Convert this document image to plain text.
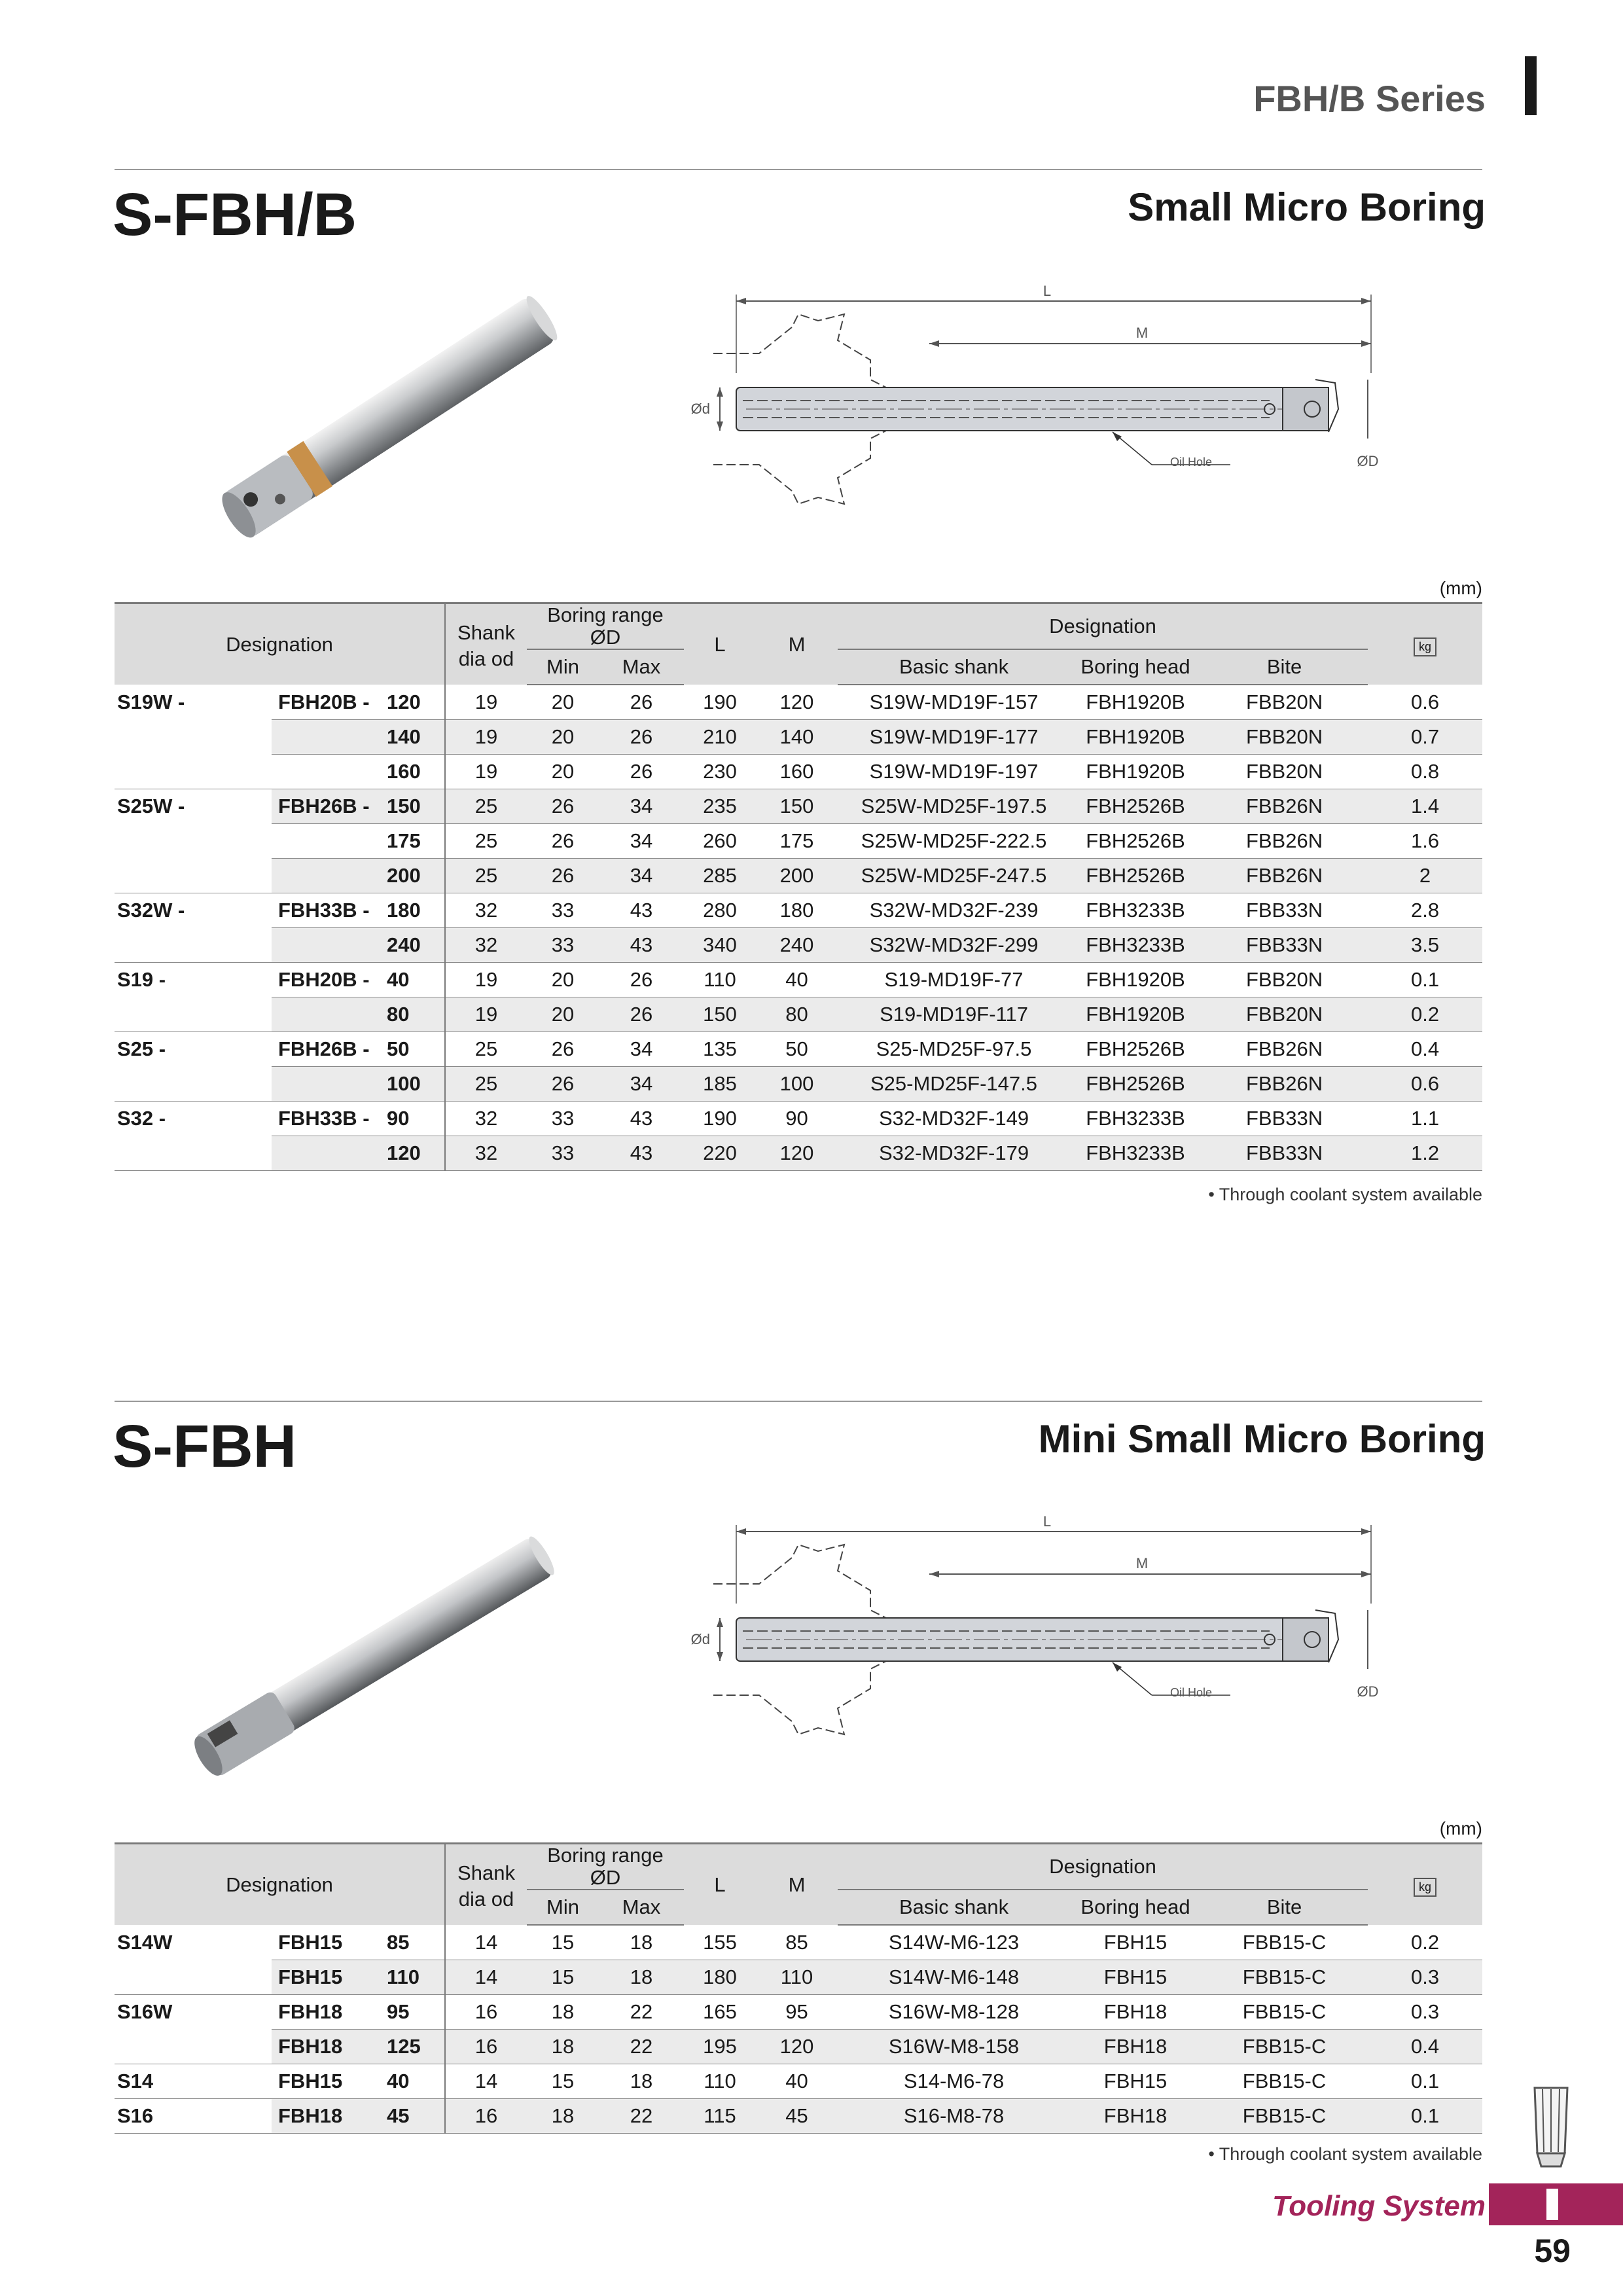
FBH/B Series
S-FBH/B	Small Micro Boring
L
M
Ød
ØD
Oil Hole
(mm)
Designation			Shank dia od	Boring range
ØD		L	M	Designation			kg
				Min	Max			Basic shank	Boring head	Bite	
S19W -	FBH20B -	120	19	20	26	190	120	S19W-MD19F-157	FBH1920B	FBB20N	0.6
		140	19	20	26	210	140	S19W-MD19F-177	FBH1920B	FBB20N	0.7
		160	19	20	26	230	160	S19W-MD19F-197	FBH1920B	FBB20N	0.8
S25W -	FBH26B -	150	25	26	34	235	150	S25W-MD25F-197.5	FBH2526B	FBB26N	1.4
		175	25	26	34	260	175	S25W-MD25F-222.5	FBH2526B	FBB26N	1.6
		200	25	26	34	285	200	S25W-MD25F-247.5	FBH2526B	FBB26N	2
S32W -	FBH33B -	180	32	33	43	280	180	S32W-MD32F-239	FBH3233B	FBB33N	2.8
		240	32	33	43	340	240	S32W-MD32F-299	FBH3233B	FBB33N	3.5
S19 -	FBH20B -	40	19	20	26	110	40	S19-MD19F-77	FBH1920B	FBB20N	0.1
		80	19	20	26	150	80	S19-MD19F-117	FBH1920B	FBB20N	0.2
S25 -	FBH26B -	50	25	26	34	135	50	S25-MD25F-97.5	FBH2526B	FBB26N	0.4
		100	25	26	34	185	100	S25-MD25F-147.5	FBH2526B	FBB26N	0.6
S32 -	FBH33B -	90	32	33	43	190	90	S32-MD32F-149	FBH3233B	FBB33N	1.1
		120	32	33	43	220	120	S32-MD32F-179	FBH3233B	FBB33N	1.2
• Through coolant system available
S-FBH	Mini Small Micro Boring
L
M
Ød
ØD
Oil Hole
(mm)
Designation			Shank dia od	Boring range
ØD		L	M	Designation			kg
				Min	Max			Basic shank	Boring head	Bite	
S14W	FBH15	85	14	15	18	155	85	S14W-M6-123	FBH15	FBB15-C	0.2
	FBH15	110	14	15	18	180	110	S14W-M6-148	FBH15	FBB15-C	0.3
S16W	FBH18	95	16	18	22	165	95	S16W-M8-128	FBH18	FBB15-C	0.3
	FBH18	125	16	18	22	195	120	S16W-M8-158	FBH18	FBB15-C	0.4
S14	FBH15	40	14	15	18	110	40	S14-M6-78	FBH15	FBB15-C	0.1
S16	FBH18	45	16	18	22	115	45	S16-M8-78	FBH18	FBB15-C	0.1
• Through coolant system available
Tooling System
59
